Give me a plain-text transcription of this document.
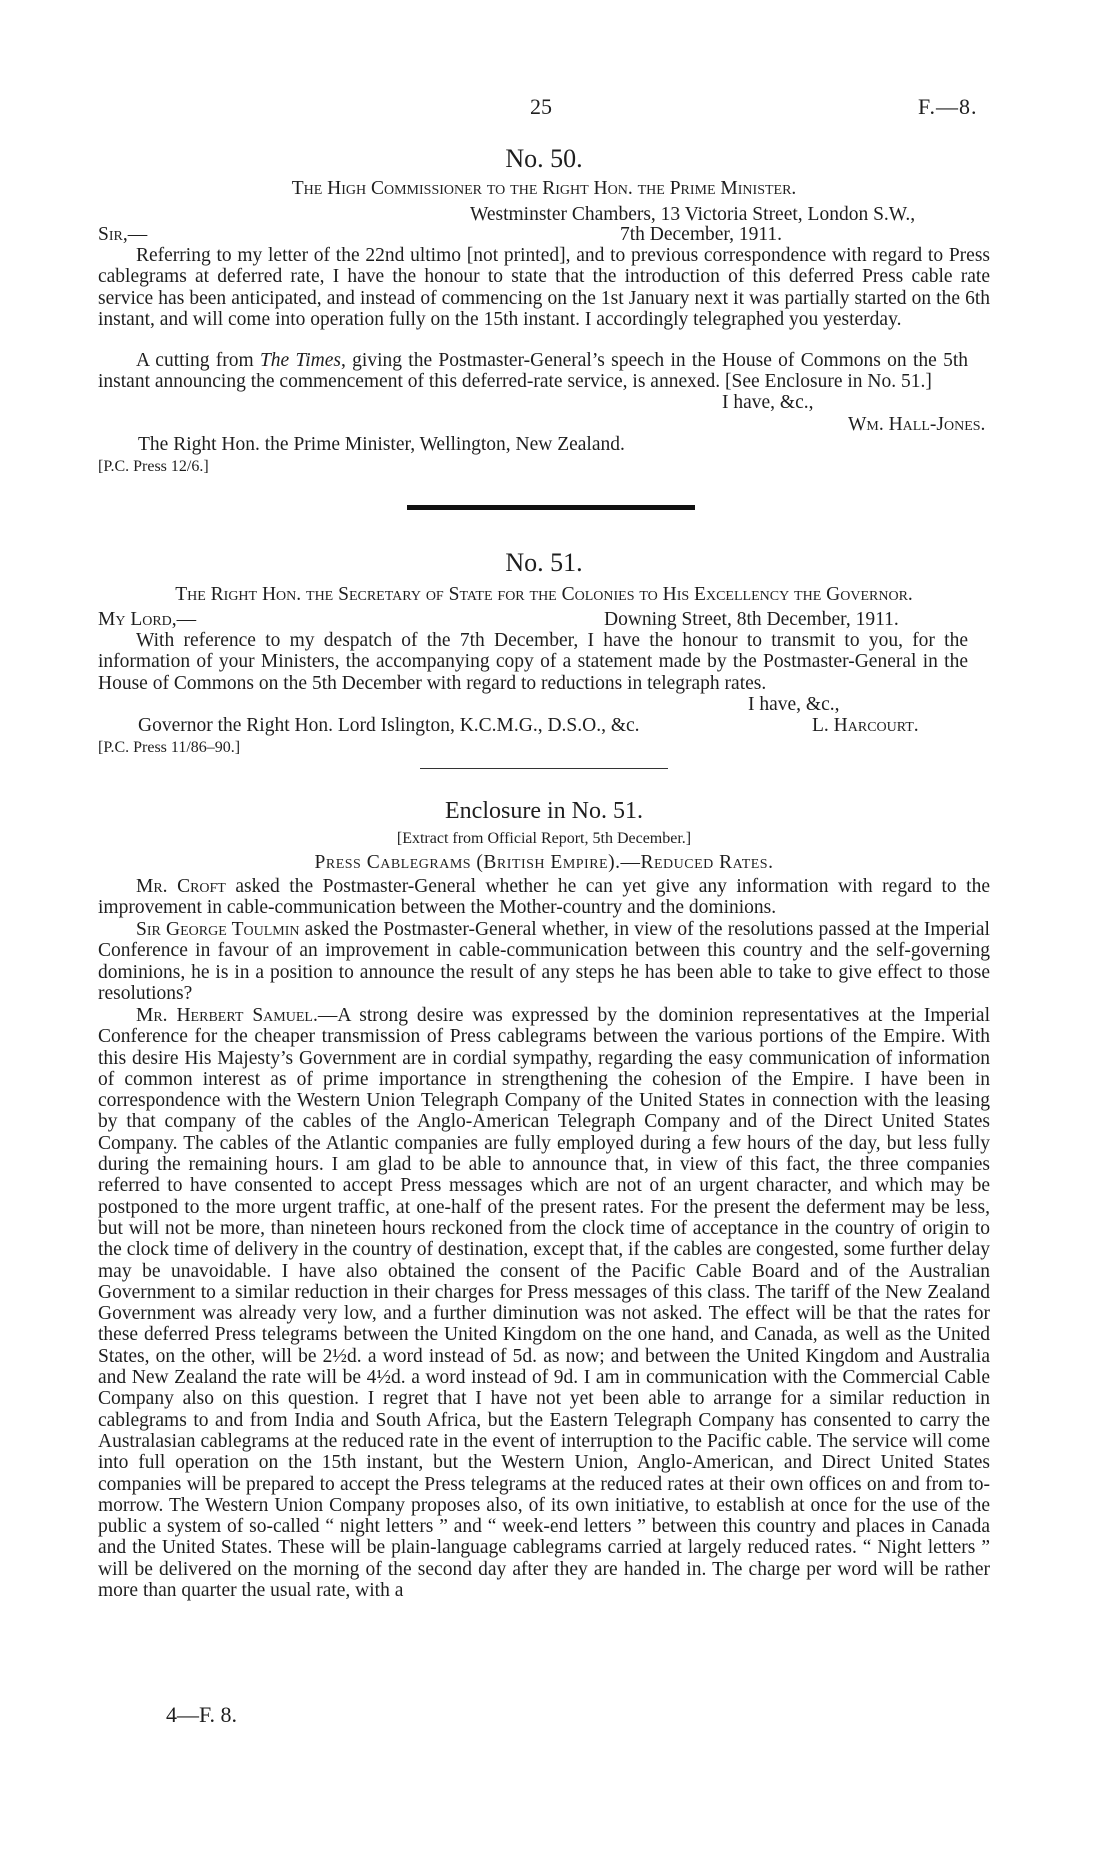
25	F.—8.
No. 50.
The High Commissioner to the Right Hon. the Prime Minister.
Westminster Chambers, 13 Victoria Street, London S.W.,
Sir,—	7th December, 1911.
Referring to my letter of the 22nd ultimo [not printed], and to previous correspondence with regard to Press cablegrams at deferred rate, I have the honour to state that the introduction of this deferred Press cable rate service has been anticipated, and instead of commencing on the 1st January next it was partially started on the 6th instant, and will come into operation fully on the 15th instant. I accordingly telegraphed you yesterday.
A cutting from The Times, giving the Postmaster-General’s speech in the House of Commons on the 5th instant announcing the commencement of this deferred-rate service, is annexed. [See Enclosure in No. 51.]
I have, &c.,
Wm. Hall-Jones.
The Right Hon. the Prime Minister, Wellington, New Zealand.
[P.C. Press 12/6.]
No. 51.
The Right Hon. the Secretary of State for the Colonies to His Excellency the Governor.
My Lord,—	Downing Street, 8th December, 1911.
With reference to my despatch of the 7th December, I have the honour to transmit to you, for the information of your Ministers, the accompanying copy of a statement made by the Postmaster-General in the House of Commons on the 5th December with regard to reductions in telegraph rates.
I have, &c.,
Governor the Right Hon. Lord Islington, K.C.M.G., D.S.O., &c.	L. Harcourt.
[P.C. Press 11/86–90.]
Enclosure in No. 51.
[Extract from Official Report, 5th December.]
Press Cablegrams (British Empire).—Reduced Rates.
Mr. Croft asked the Postmaster-General whether he can yet give any information with regard to the improvement in cable-communication between the Mother-country and the dominions.
Sir George Toulmin asked the Postmaster-General whether, in view of the resolutions passed at the Imperial Conference in favour of an improvement in cable-communication between this country and the self-governing dominions, he is in a position to announce the result of any steps he has been able to take to give effect to those resolutions?
Mr. Herbert Samuel.—A strong desire was expressed by the dominion representatives at the Imperial Conference for the cheaper transmission of Press cablegrams between the various portions of the Empire. With this desire His Majesty’s Government are in cordial sympathy, regarding the easy communication of information of common interest as of prime importance in strengthening the cohesion of the Empire. I have been in correspondence with the Western Union Telegraph Company of the United States in connection with the leasing by that company of the cables of the Anglo-American Telegraph Company and of the Direct United States Company. The cables of the Atlantic companies are fully employed during a few hours of the day, but less fully during the remaining hours. I am glad to be able to announce that, in view of this fact, the three companies referred to have consented to accept Press messages which are not of an urgent character, and which may be postponed to the more urgent traffic, at one-half of the present rates. For the present the deferment may be less, but will not be more, than nineteen hours reckoned from the clock time of acceptance in the country of origin to the clock time of delivery in the country of destination, except that, if the cables are congested, some further delay may be unavoidable. I have also obtained the consent of the Pacific Cable Board and of the Australian Government to a similar reduction in their charges for Press messages of this class. The tariff of the New Zealand Government was already very low, and a further diminution was not asked. The effect will be that the rates for these deferred Press telegrams between the United Kingdom on the one hand, and Canada, as well as the United States, on the other, will be 2½d. a word instead of 5d. as now; and between the United Kingdom and Australia and New Zealand the rate will be 4½d. a word instead of 9d. I am in communication with the Commercial Cable Company also on this question. I regret that I have not yet been able to arrange for a similar reduction in cablegrams to and from India and South Africa, but the Eastern Telegraph Company has consented to carry the Australasian cablegrams at the reduced rate in the event of interruption to the Pacific cable. The service will come into full operation on the 15th instant, but the Western Union, Anglo-American, and Direct United States companies will be prepared to accept the Press telegrams at the reduced rates at their own offices on and from to-morrow. The Western Union Company proposes also, of its own initiative, to establish at once for the use of the public a system of so-called “ night letters ” and “ week-end letters ” between this country and places in Canada and the United States. These will be plain-language cablegrams carried at largely reduced rates. “ Night letters ” will be delivered on the morning of the second day after they are handed in. The charge per word will be rather more than quarter the usual rate, with a
4—F. 8.
